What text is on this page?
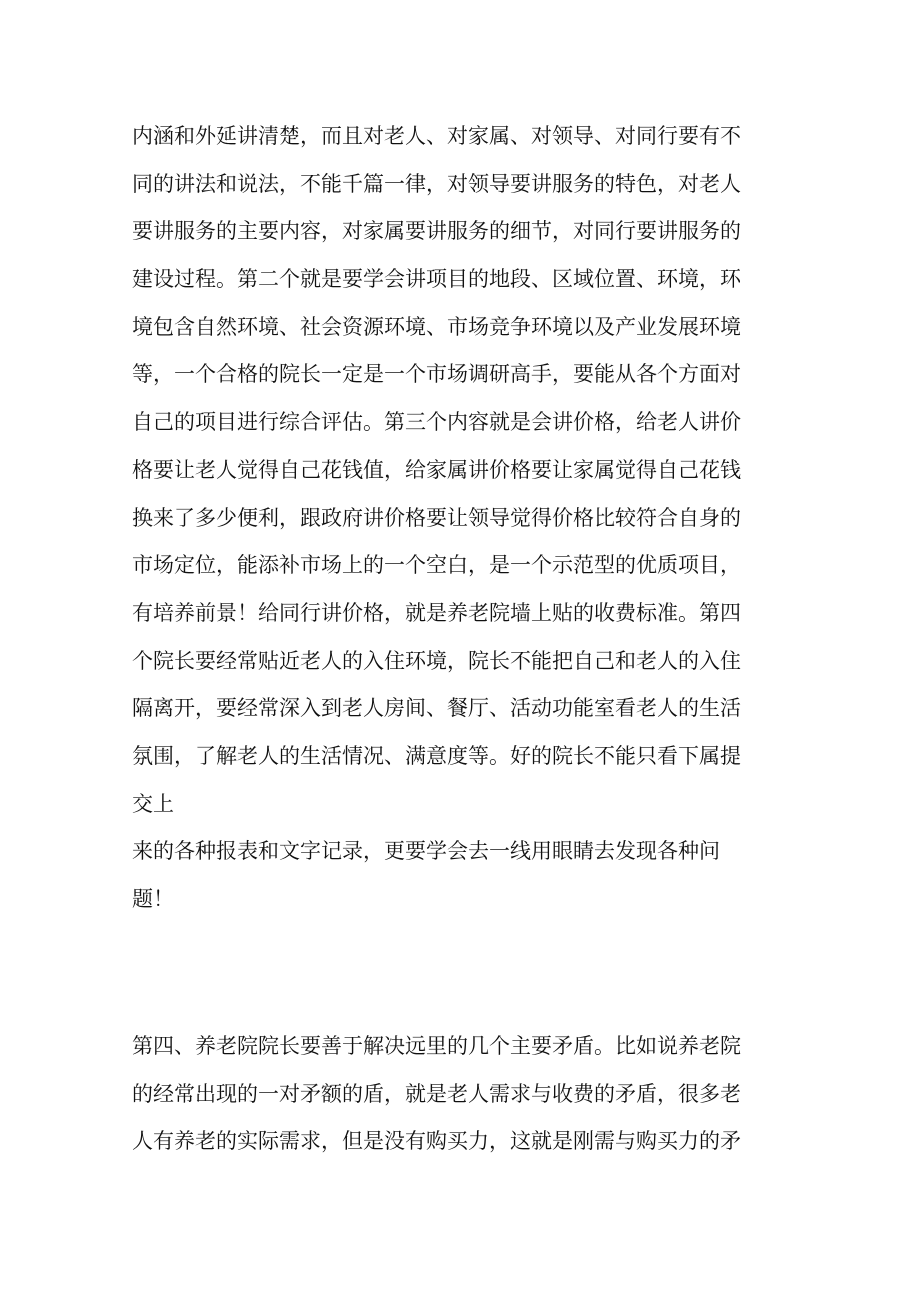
内涵和外延讲清楚，而且对老人、对家属、对领导、对同行要有不
同的讲法和说法，不能千篇一律，对领导要讲服务的特色，对老人
要讲服务的主要内容，对家属要讲服务的细节，对同行要讲服务的
建设过程。第二个就是要学会讲项目的地段、区域位置、环境，环
境包含自然环境、社会资源环境、市场竞争环境以及产业发展环境
等，一个合格的院长一定是一个市场调研高手，要能从各个方面对
自己的项目进行综合评估。第三个内容就是会讲价格，给老人讲价
格要让老人觉得自己花钱值，给家属讲价格要让家属觉得自己花钱
换来了多少便利，跟政府讲价格要让领导觉得价格比较符合自身的
市场定位，能添补市场上的一个空白，是一个示范型的优质项目，
有培养前景！给同行讲价格，就是养老院墙上贴的收费标准。第四
个院长要经常贴近老人的入住环境，院长不能把自己和老人的入住
隔离开，要经常深入到老人房间、餐厅、活动功能室看老人的生活
氛围，了解老人的生活情况、满意度等。好的院长不能只看下属提
交上
来的各种报表和文字记录，更要学会去一线用眼睛去发现各种问
题！
第四、养老院院长要善于解决远里的几个主要矛盾。比如说养老院
的经常出现的一对矛额的盾，就是老人需求与收费的矛盾，很多老
人有养老的实际需求，但是没有购买力，这就是刚需与购买力的矛
